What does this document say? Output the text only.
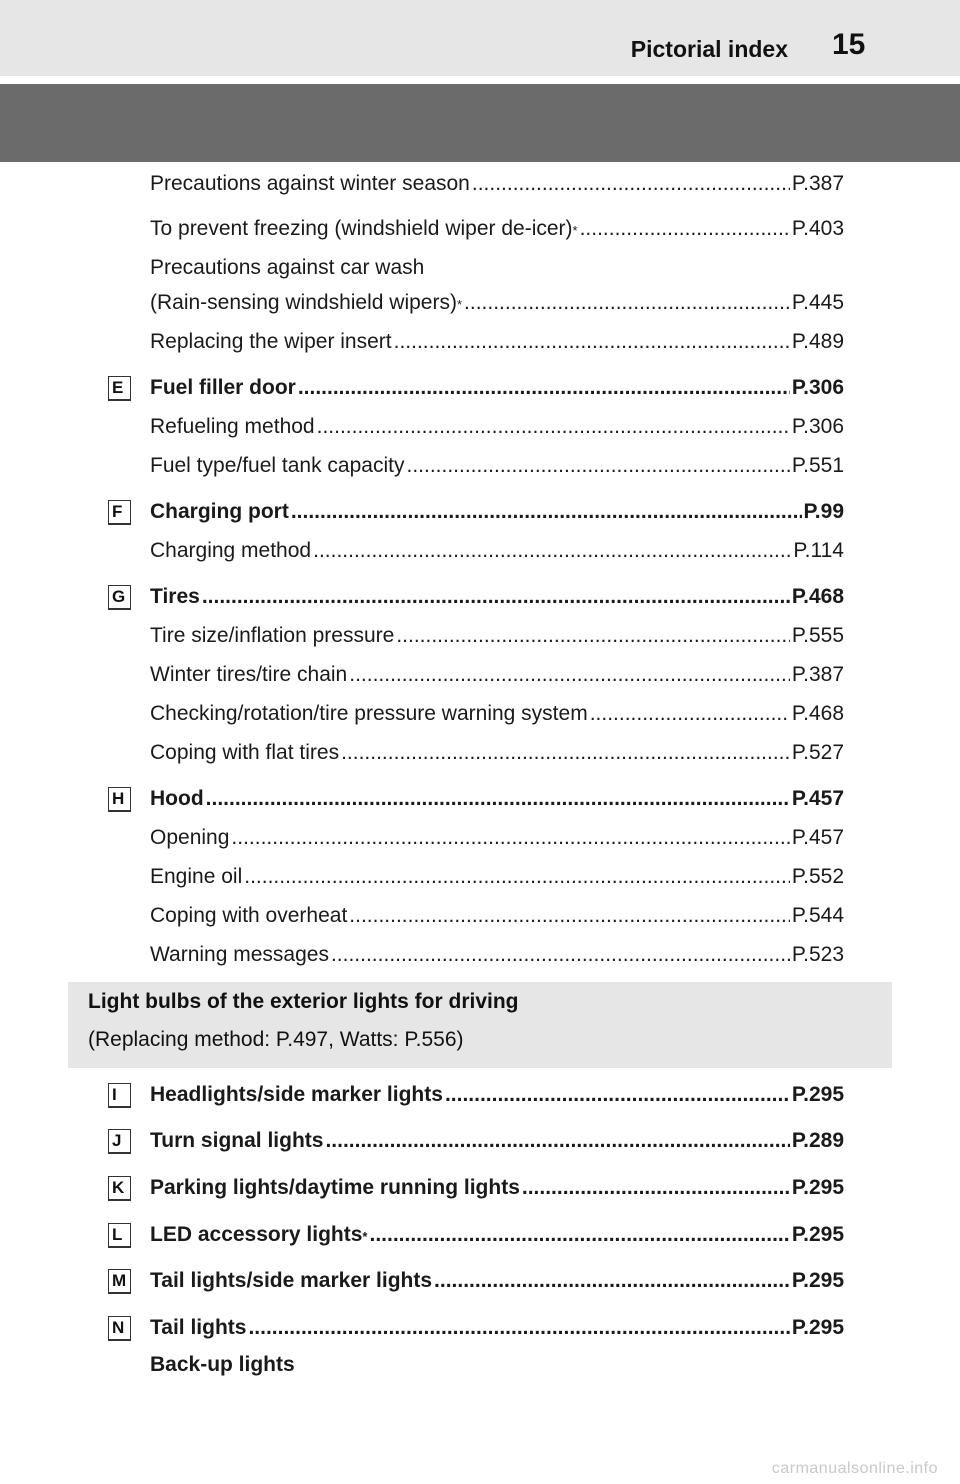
Pictorial index 15
Precautions against winter season .....	P.387
To prevent freezing (windshield wiper de-icer) * .....	P.403
Precautions against car wash
(Rain-sensing windshield wipers) * .....	P.445
Replacing the wiper insert .....	P.489
E	Fuel filler door .....	P.306
Refueling method .....	P.306
Fuel type/fuel tank capacity .....	P.551
F	Charging port .....	P.99
Charging method .....	P.114
G Tires .....	P.468
Tire size/inflation pressure .....	P.555
Winter tires/tire chain .....	P.387
Checking/rotation/tire pressure warning system .....	P.468
Coping with flat tires .....	P.527
H	Hood .....	P.457
Opening .....	P.457
Engine oil .....	P.552
Coping with overheat .....	P.544
Warning messages .....	P.523
Light bulbs of the exterior lights for driving
(Replacing method: P.497, Watts: P.556)
I	Headlights/side marker lights .....	P.295
J	Turn signal lights .....	P.289
K	Parking lights/daytime running lights .....	P.295
L	LED accessory lights * .....	P.295
M Tail lights/side marker lights .....	P.295
N	Tail lights .....	P.295
Back-up lights
carmanualsonline.info
